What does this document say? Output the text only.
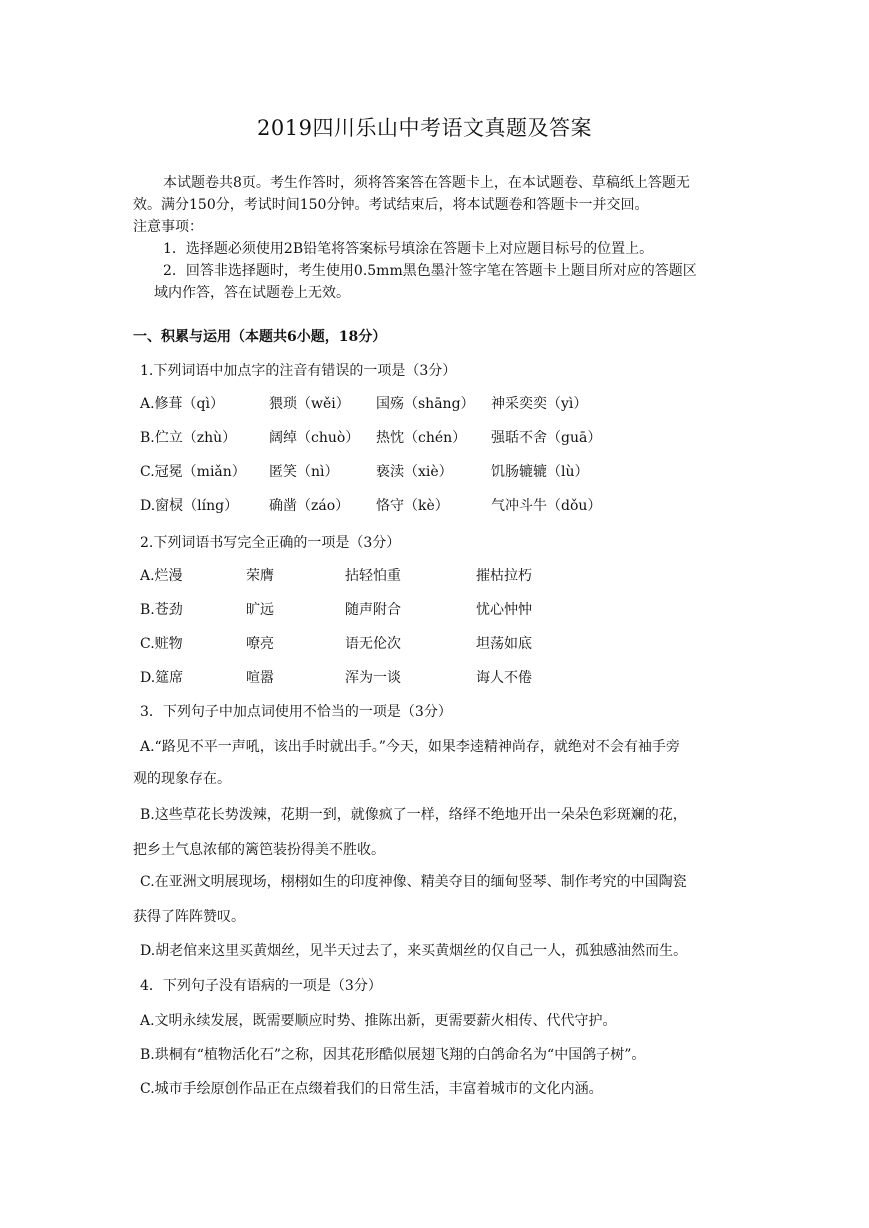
2019四川乐山中考语文真题及答案
本试题卷共8页。考生作答时，须将答案答在答题卡上，在本试题卷、草稿纸上答题无
效。满分150分，考试时间150分钟。考试结束后，将本试题卷和答题卡一并交回。
注意事项：
1．选择题必须使用2B铅笔将答案标号填涂在答题卡上对应题目标号的位置上。
2．回答非选择题时，考生使用0.5mm黑色墨汁签字笔在答题卡上题目所对应的答题区
域内作答，答在试题卷上无效。
一、积累与运用（本题共6小题，18分）
1.下列词语中加点字的注音有错误的一项是（3分）
A.修葺（qì）	猥琐（wěi） 国殇（shāng） 神采奕奕（yì）
B.伫立（zhù） 阔绰（chuò） 热忱（chén） 强聒不舍（guā）
C.冠冕（miǎn） 匿笑（nì）	亵渎（xiè）	饥肠辘辘（lù）
D.窗棂（líng） 确凿（záo） 恪守（kè）	气冲斗牛（dǒu）
2.下列词语书写完全正确的一项是（3分）
A.烂漫	荣膺	拈轻怕重	摧枯拉朽
B.苍劲	旷远	随声附合	忧心忡忡
C.赃物	嘹亮	语无伦次	坦荡如底
D.筵席	喧嚣	浑为一谈	诲人不倦
3．下列句子中加点词使用不恰当的一项是（3分）
A.“路见不平一声吼，该出手时就出手。”今天，如果李逵精神尚存，就绝对不会有袖手旁
观的现象存在。
B.这些草花长势泼辣，花期一到，就像疯了一样，络绎不绝地开出一朵朵色彩斑斓的花，
把乡土气息浓郁的篱笆装扮得美不胜收。
C.在亚洲文明展现场，栩栩如生的印度神像、精美夺目的缅甸竖琴、制作考究的中国陶瓷
获得了阵阵赞叹。
D.胡老倌来这里买黄烟丝，见半天过去了，来买黄烟丝的仅自己一人，孤独感油然而生。
4．下列句子没有语病的一项是（3分）
A.文明永续发展，既需要顺应时势、推陈出新，更需要薪火相传、代代守护。
B.珙桐有“植物活化石”之称，因其花形酷似展翅飞翔的白鸽命名为“中国鸽子树”。
C.城市手绘原创作品正在点缀着我们的日常生活，丰富着城市的文化内涵。
